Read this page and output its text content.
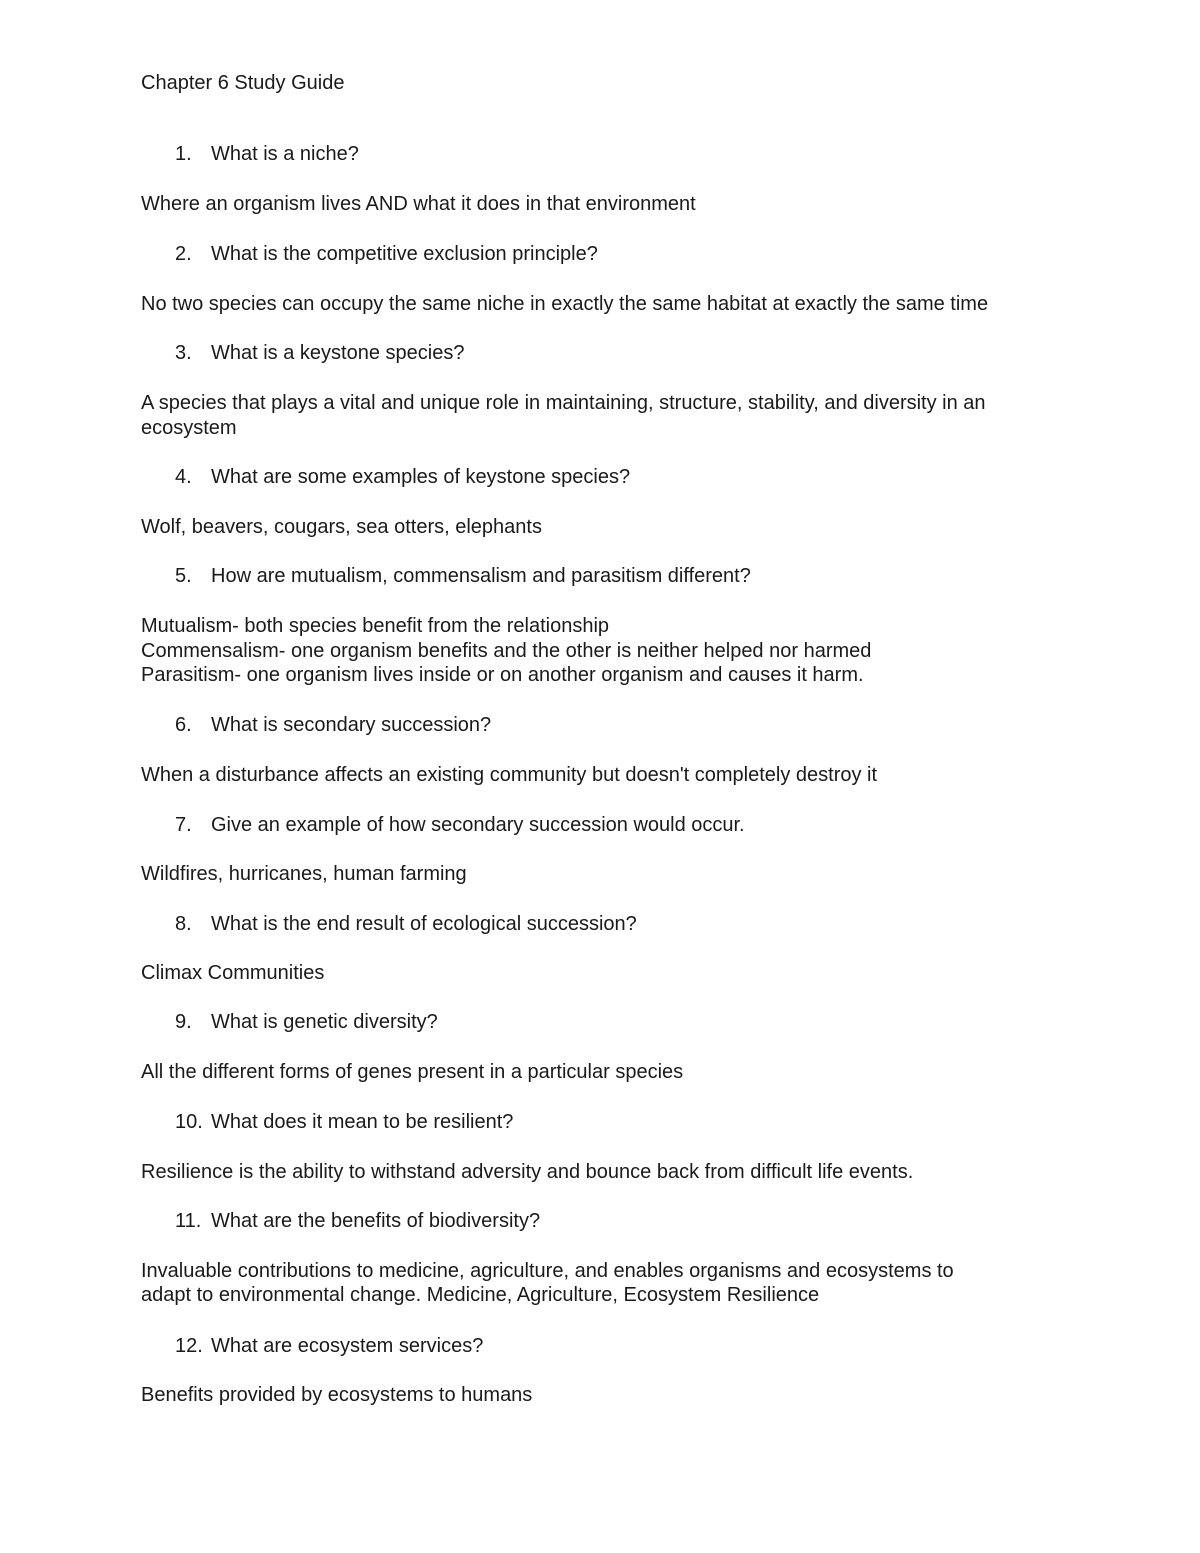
Chapter 6 Study Guide
1. What is a niche?
Where an organism lives AND what it does in that environment
2. What is the competitive exclusion principle?
No two species can occupy the same niche in exactly the same habitat at exactly the same time
3. What is a keystone species?
A species that plays a vital and unique role in maintaining, structure, stability, and diversity in an
ecosystem
4. What are some examples of keystone species?
Wolf, beavers, cougars, sea otters, elephants
5. How are mutualism, commensalism and parasitism different?
Mutualism- both species benefit from the relationship
Commensalism- one organism benefits and the other is neither helped nor harmed
Parasitism- one organism lives inside or on another organism and causes it harm.
6. What is secondary succession?
When a disturbance affects an existing community but doesn't completely destroy it
7. Give an example of how secondary succession would occur.
Wildfires, hurricanes, human farming
8. What is the end result of ecological succession?
Climax Communities
9. What is genetic diversity?
All the different forms of genes present in a particular species
10. What does it mean to be resilient?
Resilience is the ability to withstand adversity and bounce back from difficult life events.
11. What are the benefits of biodiversity?
Invaluable contributions to medicine, agriculture, and enables organisms and ecosystems to
adapt to environmental change. Medicine, Agriculture, Ecosystem Resilience
12. What are ecosystem services?
Benefits provided by ecosystems to humans
